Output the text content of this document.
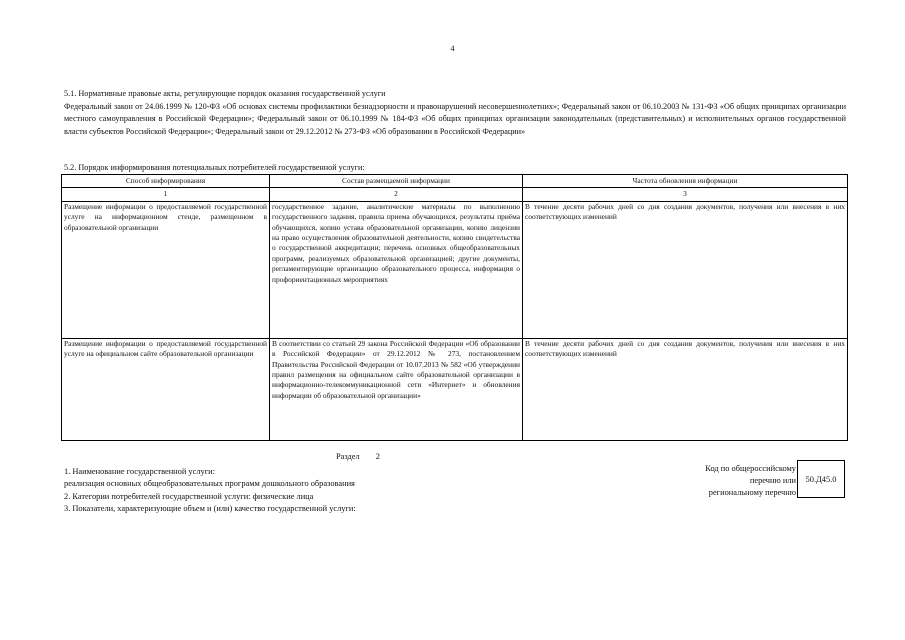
4
5.1. Нормативные правовые акты, регулирующие порядок оказания государственной услуги
Федеральный закон от 24.06.1999 № 120-ФЗ «Об основах системы профилактики безнадзорности и правонарушений несовершеннолетних»; Федеральный закон от 06.10.2003 № 131-ФЗ «Об общих принципах организации местного самоуправления в Российской Федерации»; Федеральный закон от 06.10.1999 № 184-ФЗ «Об общих принципах организации законодательных (представительных) и исполнительных органов государственной власти субъектов Российской Федерации»; Федеральный закон от 29.12.2012 № 273-ФЗ «Об образовании в Российской Федерации»
5.2. Порядок информирования потенциальных потребителей государственной услуги:
Способ информирования	Состав размещаемой информации	Частота обновления информации
1	2	3
Размещение информации о предоставляемой государственной услуге на информационном стенде, размещенном в образовательной организации	государственное задание, аналитические материалы по выполнению государственного задания, правила приема обучающихся, результаты приёма обучающихся, копию устава образовательной организации, копию лицензии на право осуществления образовательной деятельности, копию свидетельства о государственной аккредитации; перечень основных общеобразовательных программ, реализуемых образовательной организацией; другие документы, регламентирующие организацию образовательного процесса, информация о профориентационных мероприятиях	В течение десяти рабочих дней со дня создания документов, получения или внесения в них соответствующих изменений
Размещение информации о предоставляемой государственной услуге на официальном сайте образовательной организации	В соответствии со статьей 29 закона Российской Федерации «Об образовании в Российской Федерации» от 29.12.2012 № 273, постановлением Правительства Российской Федерации от 10.07.2013 № 582 «Об утверждении правил размещения на официальном сайте образовательной организации в информационно-телекоммуникационной сети «Интернет» и обновления информации об образовательной организации»	В течение десяти рабочих дней со дня создания документов, получения или внесения в них соответствующих изменений
Раздел 2
1. Наименование государственной услуги:
реализация основных общеобразовательных программ дошкольного образования
2. Категории потребителей государственной услуги: физические лица
3. Показатели, характеризующие объем и (или) качество государственной услуги:
Код по общероссийскому
перечню или
региональному перечню
50.Д45.0
